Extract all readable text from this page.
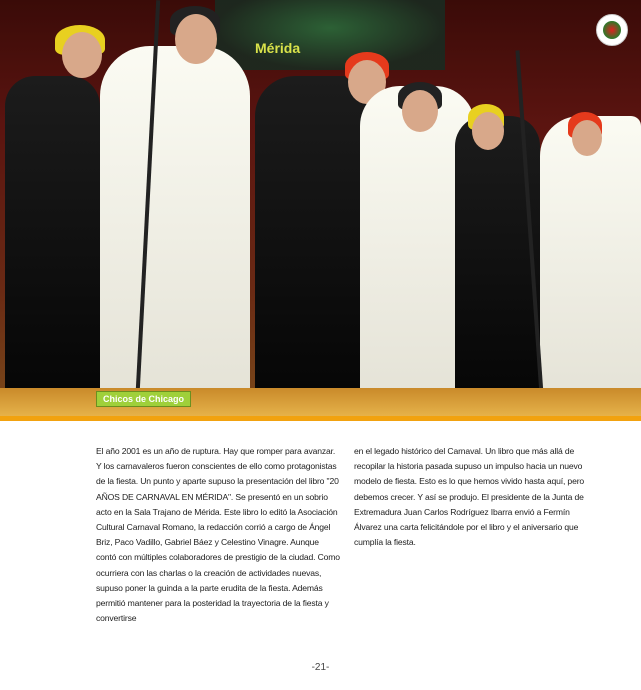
Mérida
Chicos de Chicago

El año 2001 es un año de ruptura. Hay que romper para avanzar. Y los carnavaleros fueron conscientes de ello como protagonistas de la fiesta. Un punto y aparte supuso la presentación del libro "20 AÑOS DE CARNAVAL EN MÉRIDA". Se presentó en un sobrio acto en la Sala Trajano de Mérida. Este libro lo editó la Asociación Cultural Carnaval Romano, la redacción corrió a cargo de Ángel Briz, Paco Vadillo, Gabriel Báez y Celestino Vinagre. Aunque contó con múltiples colaboradores de prestigio de la ciudad. Como ocurriera con las charlas o la creación de actividades nuevas, supuso poner la guinda a la parte erudita de la fiesta. Además permitió mantener para la posteridad la trayectoria de la fiesta y convertirse

en el legado histórico del Carnaval. Un libro que más allá de recopilar la historia pasada supuso un impulso hacia un nuevo modelo de fiesta. Esto es lo que hemos vivido hasta aquí, pero debemos crecer. Y así se produjo. El presidente de la Junta de Extremadura Juan Carlos Rodríguez Ibarra envió a Fermín Álvarez una carta felicitándole por el libro y el aniversario que cumplía la fiesta.

-21-
